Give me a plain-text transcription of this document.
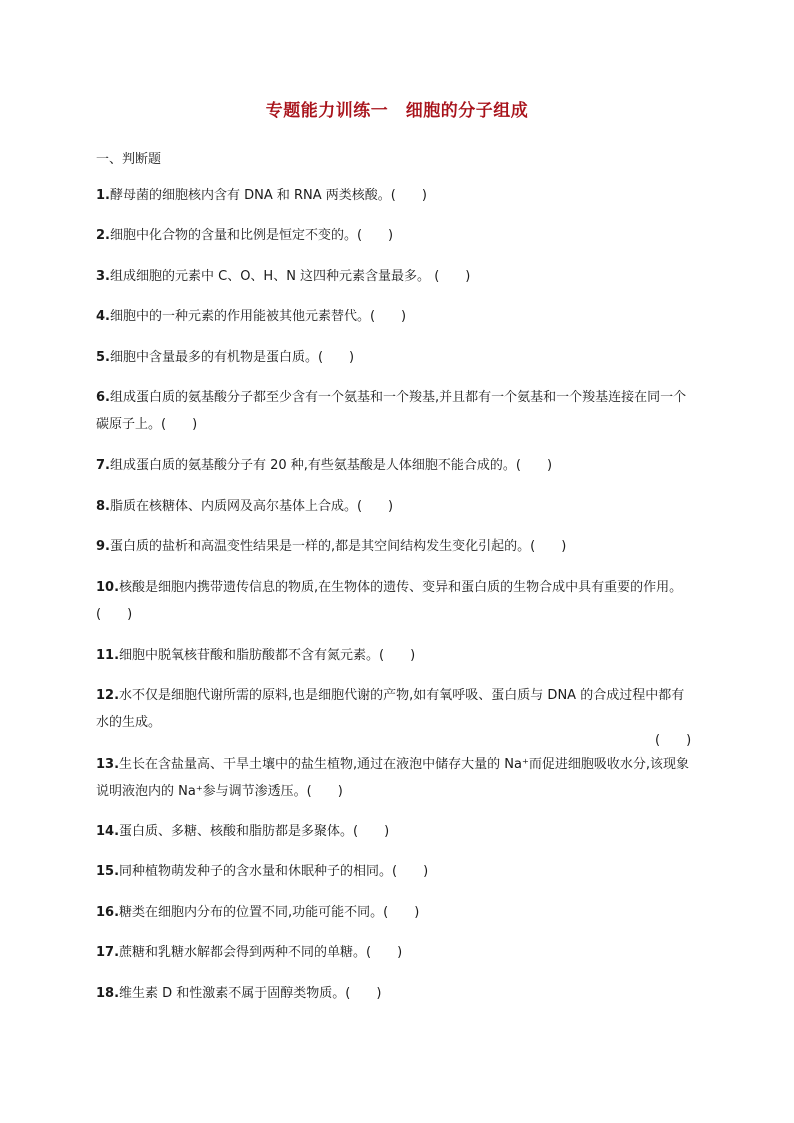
专题能力训练一　细胞的分子组成
一、判断题
1.酵母菌的细胞核内含有 DNA 和 RNA 两类核酸。(　　)
2.细胞中化合物的含量和比例是恒定不变的。(　　)
3.组成细胞的元素中 C、O、H、N 这四种元素含量最多。 (　　)
4.细胞中的一种元素的作用能被其他元素替代。(　　)
5.细胞中含量最多的有机物是蛋白质。(　　)
6.组成蛋白质的氨基酸分子都至少含有一个氨基和一个羧基,并且都有一个氨基和一个羧基连接在同一个碳原子上。(　　)
7.组成蛋白质的氨基酸分子有 20 种,有些氨基酸是人体细胞不能合成的。(　　)
8.脂质在核糖体、内质网及高尔基体上合成。(　　)
9.蛋白质的盐析和高温变性结果是一样的,都是其空间结构发生变化引起的。(　　)
10.核酸是细胞内携带遗传信息的物质,在生物体的遗传、变异和蛋白质的生物合成中具有重要的作用。(　　)
11.细胞中脱氧核苷酸和脂肪酸都不含有氮元素。(　　)
12.水不仅是细胞代谢所需的原料,也是细胞代谢的产物,如有氧呼吸、蛋白质与 DNA 的合成过程中都有水的生成。
(　　)
13.生长在含盐量高、干旱土壤中的盐生植物,通过在液泡中储存大量的 Na⁺而促进细胞吸收水分,该现象说明液泡内的 Na⁺参与调节渗透压。(　　)
14.蛋白质、多糖、核酸和脂肪都是多聚体。(　　)
15.同种植物萌发种子的含水量和休眠种子的相同。(　　)
16.糖类在细胞内分布的位置不同,功能可能不同。(　　)
17.蔗糖和乳糖水解都会得到两种不同的单糖。(　　)
18.维生素 D 和性激素不属于固醇类物质。(　　)
